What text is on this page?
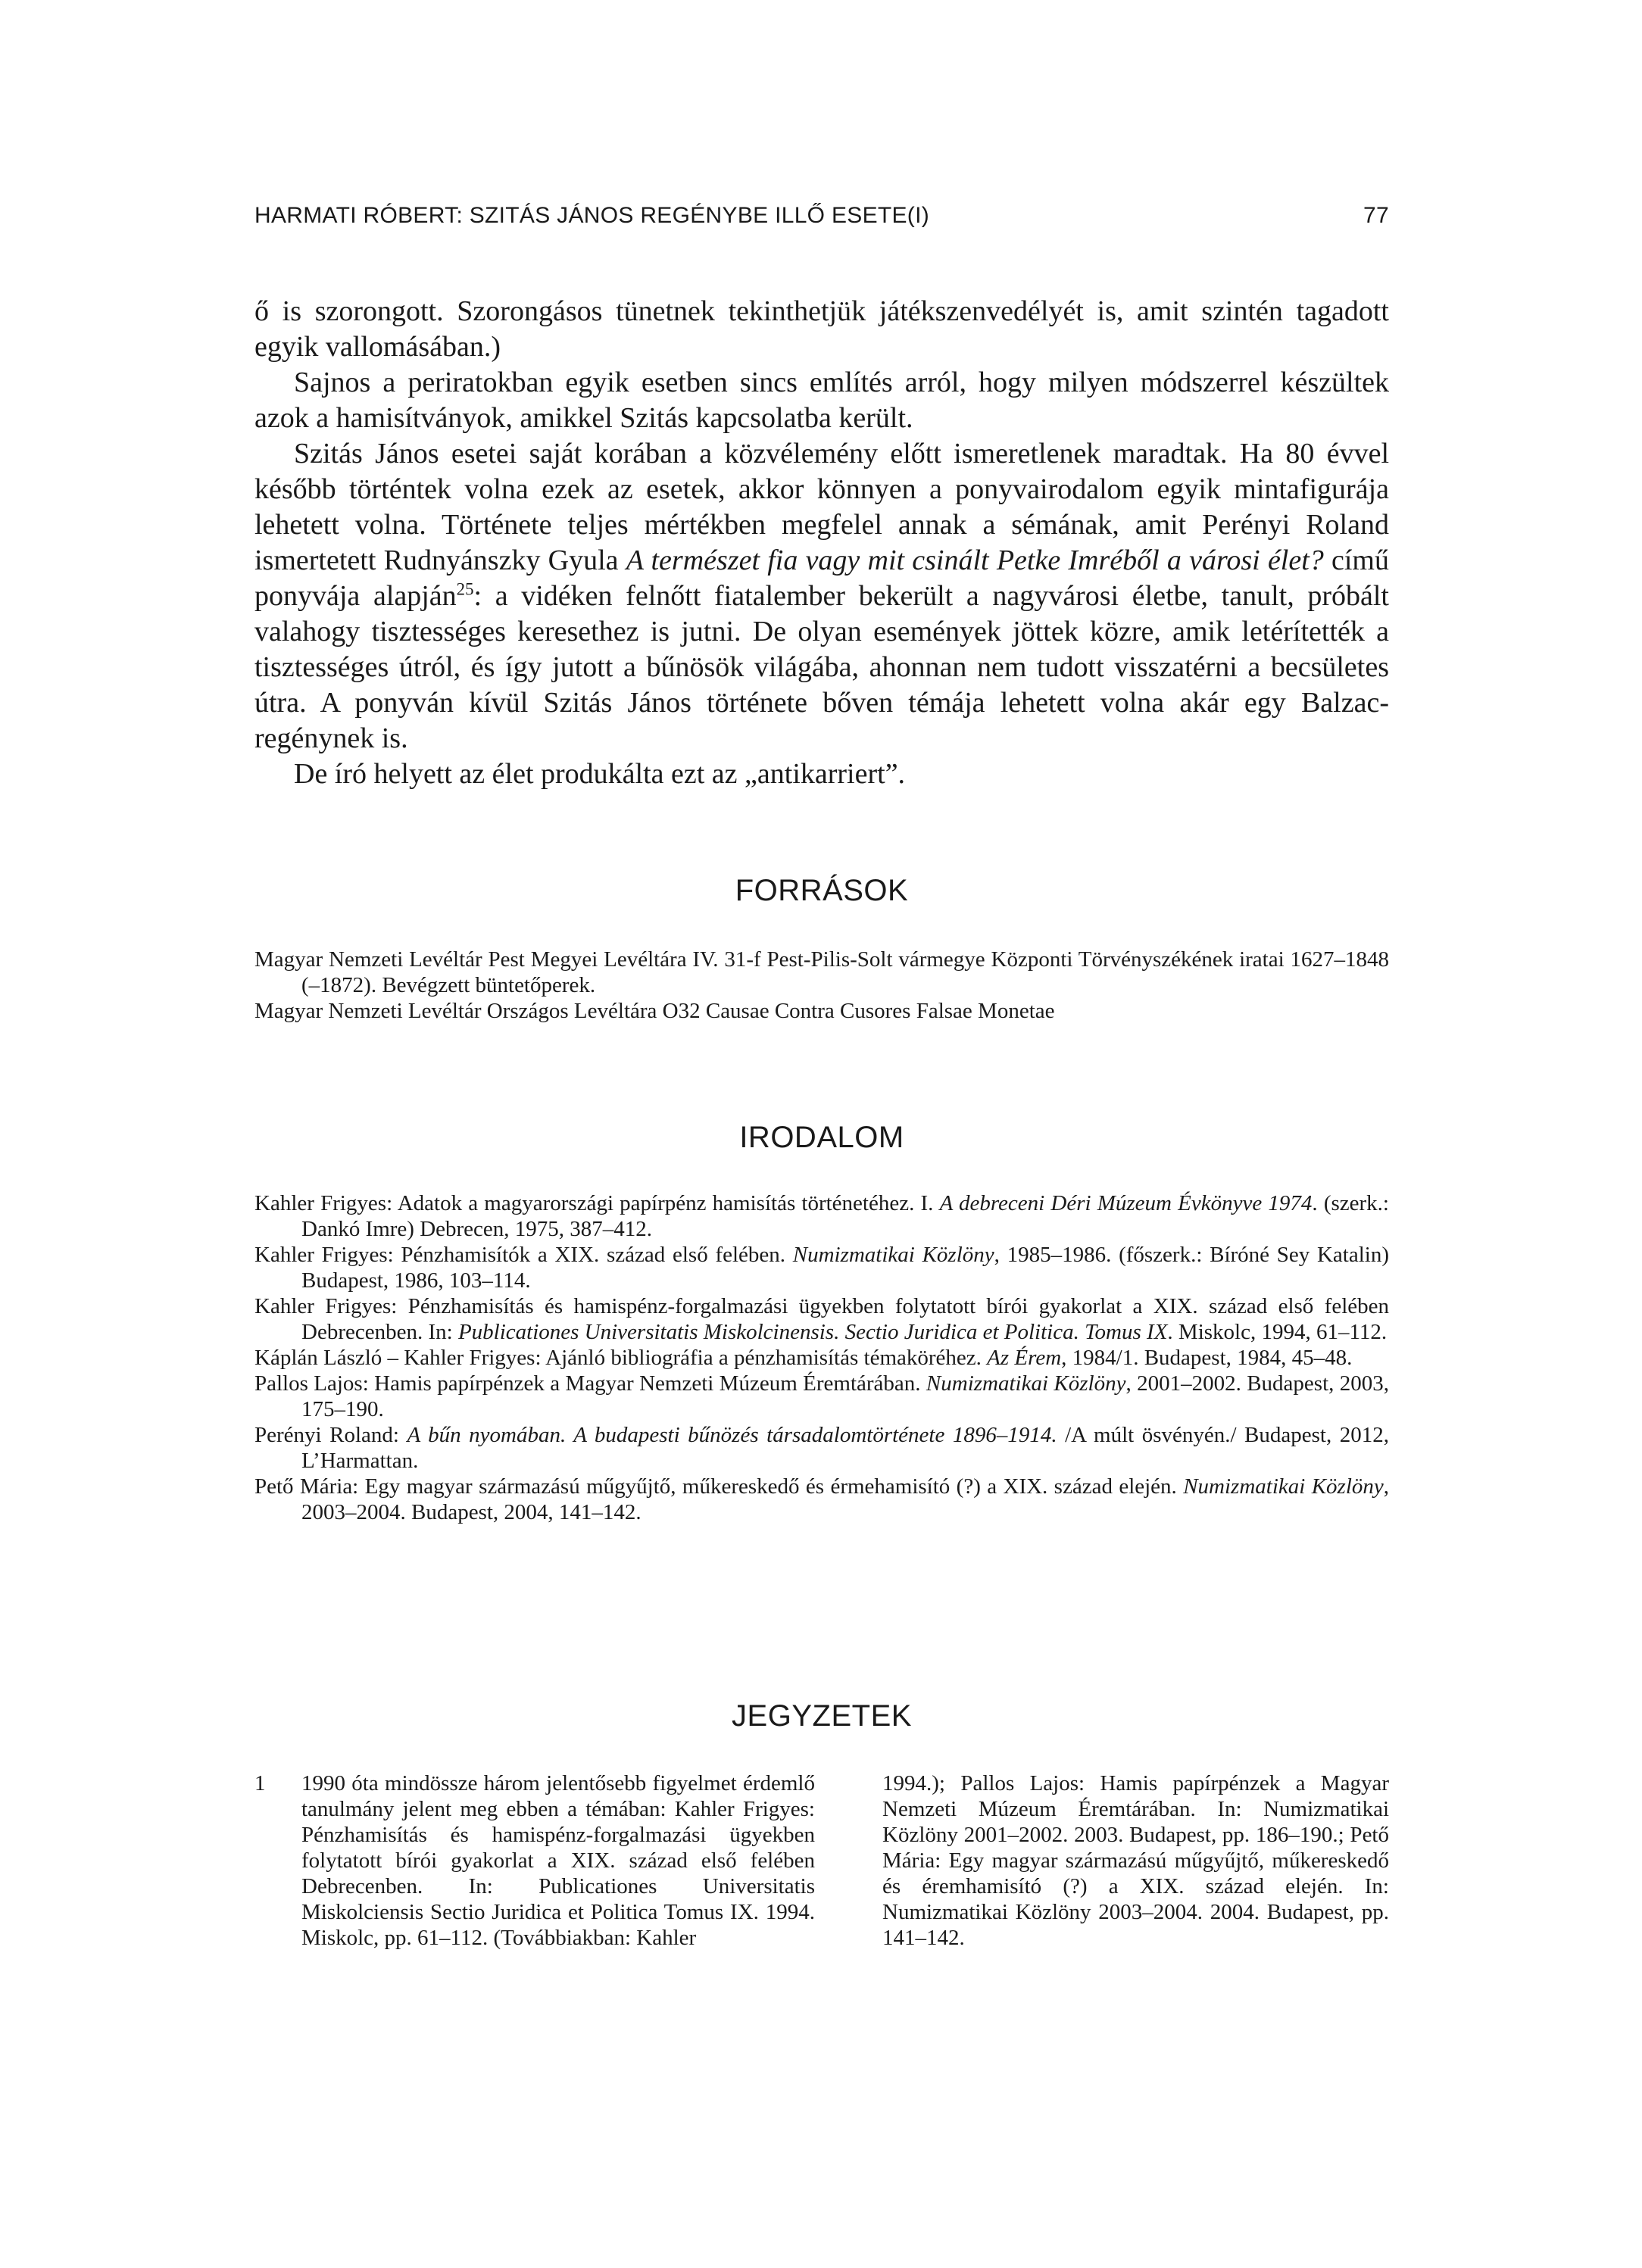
HARMATI RÓBERT: SZITÁS JÁNOS REGÉNYBE ILLŐ ESETE(I)	77

ő is szorongott. Szorongásos tünetnek tekinthetjük játékszenvedélyét is, amit szintén tagadott egyik vallomásában.)

Sajnos a periratokban egyik esetben sincs említés arról, hogy milyen módszerrel készültek azok a hamisítványok, amikkel Szitás kapcsolatba került.

Szitás János esetei saját korában a közvélemény előtt ismeretlenek maradtak. Ha 80 évvel később történtek volna ezek az esetek, akkor könnyen a ponyvairodalom egyik mintafigurája lehetett volna. Története teljes mértékben megfelel annak a sémának, amit Perényi Roland ismertetett Rudnyánszky Gyula A természet fia vagy mit csinált Petke Imréből a városi élet? című ponyvája alapján$^{25}$: a vidéken felnőtt fiatalember bekerült a nagyvárosi életbe, tanult, próbált valahogy tisztességes keresethez is jutni. De olyan események jöttek közre, amik letérítették a tisztességes útról, és így jutott a bűnösök világába, ahonnan nem tudott visszatérni a becsületes útra. A ponyván kívül Szitás János története bőven témája lehetett volna akár egy Balzac-regénynek is.

De író helyett az élet produkálta ezt az „antikarriert”.

FORRÁSOK
Magyar Nemzeti Levéltár Pest Megyei Levéltára IV. 31-f Pest-Pilis-Solt vármegye Központi Törvényszékének iratai 1627–1848 (–1872). Bevégzett büntetőperek.
Magyar Nemzeti Levéltár Országos Levéltára O32 Causae Contra Cusores Falsae Monetae
IRODALOM
Kahler Frigyes: Adatok a magyarországi papírpénz hamisítás történetéhez. I. A debreceni Déri Múzeum Évkönyve 1974. (szerk.: Dankó Imre) Debrecen, 1975, 387–412.
Kahler Frigyes: Pénzhamisítók a XIX. század első felében. Numizmatikai Közlöny, 1985–1986. (főszerk.: Bíróné Sey Katalin) Budapest, 1986, 103–114.
Kahler Frigyes: Pénzhamisítás és hamispénz-forgalmazási ügyekben folytatott bírói gyakorlat a XIX. század első felében Debrecenben. In: Publicationes Universitatis Miskolcinensis. Sectio Juridica et Politica. Tomus IX. Miskolc, 1994, 61–112.
Káplán László – Kahler Frigyes: Ajánló bibliográfia a pénzhamisítás témaköréhez. Az Érem, 1984/1. Budapest, 1984, 45–48.
Pallos Lajos: Hamis papírpénzek a Magyar Nemzeti Múzeum Éremtárában. Numizmatikai Közlöny, 2001–2002. Budapest, 2003, 175–190.
Perényi Roland: A bűn nyomában. A budapesti bűnözés társadalomtörténete 1896–1914. /A múlt ösvényén./ Budapest, 2012, L’Harmattan.
Pető Mária: Egy magyar származású műgyűjtő, műkereskedő és érmehamisító (?) a XIX. század elején. Numizmatikai Közlöny, 2003–2004. Budapest, 2004, 141–142.
JEGYZETEK
1 1990 óta mindössze három jelentősebb figyelmet érdemlő tanulmány jelent meg ebben a témában: Kahler Frigyes: Pénzhamisítás és hamispénz-forgalmazási ügyekben folytatott bírói gyakorlat a XIX. század első felében Debrecenben. In: Publicationes Universitatis Miskolciensis Sectio Juridica et Politica Tomus IX. 1994. Miskolc, pp. 61–112. (Továbbiakban: Kahler
1994.); Pallos Lajos: Hamis papírpénzek a Magyar Nemzeti Múzeum Éremtárában. In: Numizmatikai Közlöny 2001–2002. 2003. Budapest, pp. 186–190.; Pető Mária: Egy magyar származású műgyűjtő, műkereskedő és éremhamisító (?) a XIX. század elején. In: Numizmatikai Közlöny 2003–2004. 2004. Budapest, pp. 141–142.
